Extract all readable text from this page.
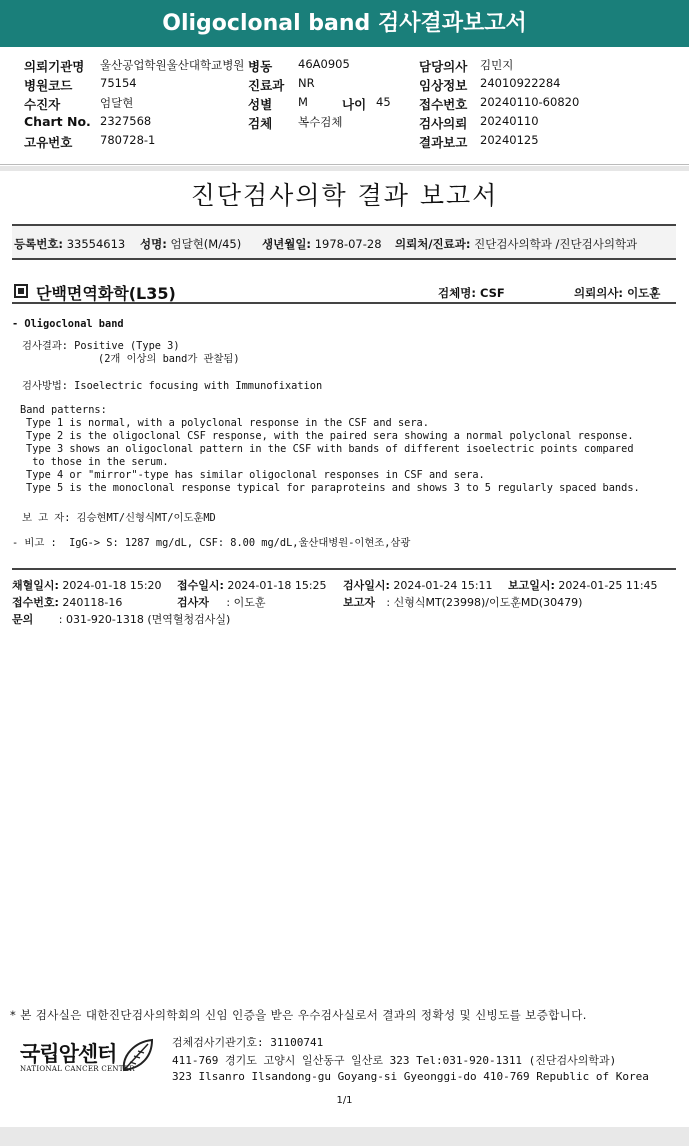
Oligoclonal band 검사결과보고서
의뢰기관명 울산공업학원울산대학교병원 병동 46A0905	담당의사 김민지
병원코드 75154	진료과 NR	임상정보 24010922284
수진자	엄달현	성별 M	나이 45 접수번호 20240110-60820
Chart No. 2327568	검체 복수검체	검사의뢰 20240110
고유번호 780728-1	결과보고 20240125
진단검사의학 결과 보고서
등록번호: 33554613 성명: 엄달현(M/45) 생년월일: 1978-07-28 의뢰처/진료과: 진단검사의학과 /진단검사의학과
단백면역화학(L35)	검체명: CSF	의뢰의사: 이도훈
- Oligoclonal band
검사결과: Positive (Type 3)
(2개 이상의 band가 관찰됨)
검사방법: Isoelectric focusing with Immunofixation
Band patterns:
Type 1 is normal, with a polyclonal response in the CSF and sera.
Type 2 is the oligoclonal CSF response, with the paired sera showing a normal polyclonal response.
Type 3 shows an oligoclonal pattern in the CSF with bands of different isoelectric points compared
to those in the serum.
Type 4 or "mirror"-type has similar oligoclonal responses in CSF and sera.
Type 5 is the monoclonal response typical for paraproteins and shows 3 to 5 regularly spaced bands.
보 고 자: 김승현MT/신형식MT/이도훈MD
- 비고 :  IgG-> S: 1287 mg/dL, CSF: 8.00 mg/dL,울산대병원-이현조,삼광
채혈일시: 2024-01-18 15:20 접수일시: 2024-01-18 15:25 검사일시: 2024-01-24 15:11 보고일시: 2024-01-25 11:45
접수번호: 240118-16	검사자 : 이도훈	보고자 : 신형식MT(23998)/이도훈MD(30479)
문의 : 031-920-1318 (면역혈청검사실)
* 본 검사실은 대한진단검사의학회의 신임 인증을 받은 우수검사실로서 결과의 정확성 및 신빙도를 보증합니다.
국립암센터
NATIONAL CANCER CENTER
검체검사기관기호: 31100741
411-769 경기도 고양시 일산동구 일산로 323 Tel:031-920-1311 (진단검사의학과)
323 Ilsanro Ilsandong-gu Goyang-si Gyeonggi-do 410-769 Republic of Korea
1/1
